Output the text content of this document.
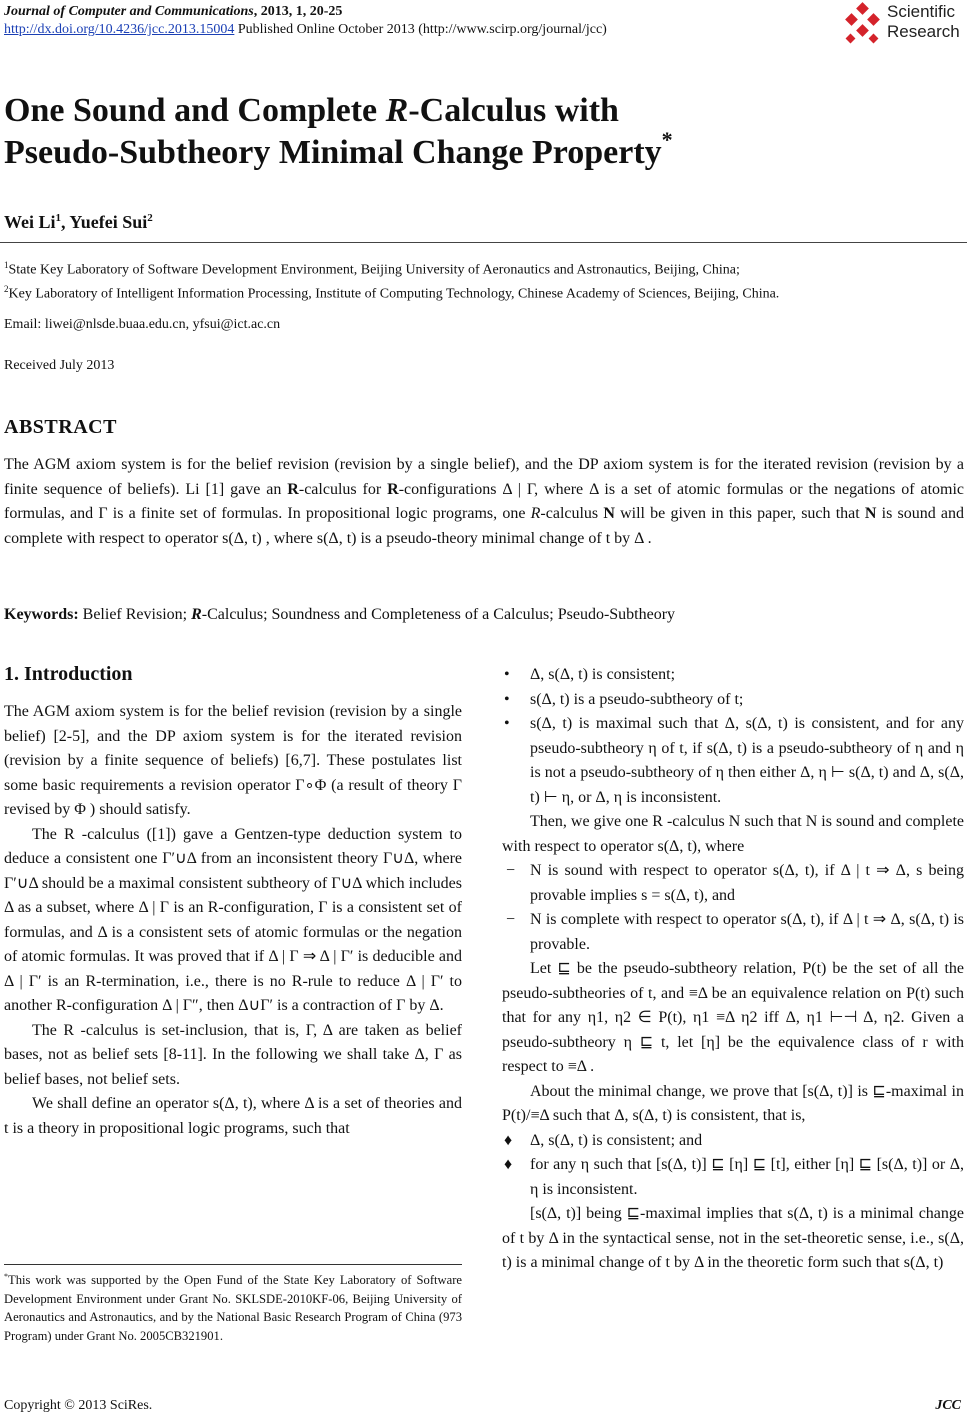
Journal of Computer and Communications, 2013, 1, 20-25
http://dx.doi.org/10.4236/jcc.2013.15004 Published Online October 2013 (http://www.scirp.org/journal/jcc)
Scientific
Research
One Sound and Complete R-Calculus with
Pseudo-Subtheory Minimal Change Property*
Wei Li$^1$, Yuefei Sui$^2$
$^1$State Key Laboratory of Software Development Environment, Beijing University of Aeronautics and Astronautics, Beijing, China;
$^2$Key Laboratory of Intelligent Information Processing, Institute of Computing Technology, Chinese Academy of Sciences, Beijing, China.
Email: liwei@nlsde.buaa.edu.cn, yfsui@ict.ac.cn
Received July 2013
ABSTRACT
The AGM axiom system is for the belief revision (revision by a single belief), and the DP axiom system is for the iterated revision (revision by a finite sequence of beliefs). Li [1] gave an R-calculus for R-configurations Δ | Γ, where Δ is a set of atomic formulas or the negations of atomic formulas, and Γ is a finite set of formulas. In propositional logic programs, one R-calculus N will be given in this paper, such that N is sound and complete with respect to operator s(Δ, t) , where s(Δ, t) is a pseudo-theory minimal change of t by Δ .
Keywords: Belief Revision; R-Calculus; Soundness and Completeness of a Calculus; Pseudo-Subtheory
1. Introduction

The AGM axiom system is for the belief revision (revision by a single belief) [2-5], and the DP axiom system is for the iterated revision (revision by a finite sequence of beliefs) [6,7]. These postulates list some basic requirements a revision operator Γ∘Φ (a result of theory Γ revised by Φ ) should satisfy.

The R -calculus ([1]) gave a Gentzen-type deduction system to deduce a consistent one Γ′∪Δ from an inconsistent theory Γ∪Δ, where Γ′∪Δ should be a maximal consistent subtheory of Γ∪Δ which includes Δ as a subset, where Δ | Γ is an R-configuration, Γ is a consistent set of formulas, and Δ is a consistent sets of atomic formulas or the negation of atomic formulas. It was proved that if Δ | Γ ⇒ Δ | Γ′ is deducible and Δ | Γ′ is an R-termination, i.e., there is no R-rule to reduce Δ | Γ′ to another R-configuration Δ | Γ″, then Δ∪Γ′ is a contraction of Γ by Δ.

The R -calculus is set-inclusion, that is, Γ, Δ are taken as belief bases, not as belief sets [8-11]. In the following we shall take Δ, Γ as belief bases, not belief sets.

We shall define an operator s(Δ, t), where Δ is a set of theories and t is a theory in propositional logic programs, such that

• Δ, s(Δ, t) is consistent;
• s(Δ, t) is a pseudo-subtheory of t;
• s(Δ, t) is maximal such that Δ, s(Δ, t) is consistent, and for any pseudo-subtheory η of t, if s(Δ, t) is a pseudo-subtheory of η and η is not a pseudo-subtheory of η then either Δ, η ⊢ s(Δ, t) and Δ, s(Δ, t) ⊢ η, or Δ, η is inconsistent.

Then, we give one R -calculus N such that N is sound and complete with respect to operator s(Δ, t), where

− N is sound with respect to operator s(Δ, t), if Δ | t ⇒ Δ, s being provable implies s = s(Δ, t), and
− N is complete with respect to operator s(Δ, t), if Δ | t ⇒ Δ, s(Δ, t) is provable.

Let ⊑ be the pseudo-subtheory relation, P(t) be the set of all the pseudo-subtheories of t, and ≡Δ be an equivalence relation on P(t) such that for any η1, η2 ∈ P(t), η1 ≡Δ η2 iff Δ, η1 ⊢⊣ Δ, η2. Given a pseudo-subtheory η ⊑ t, let [η] be the equivalence class of r with respect to ≡Δ .

About the minimal change, we prove that [s(Δ, t)] is ⊑-maximal in P(t)/≡Δ such that Δ, s(Δ, t) is consistent, that is,

♦ Δ, s(Δ, t) is consistent; and
♦ for any η such that [s(Δ, t)] ⊑ [η] ⊑ [t], either [η] ⊑ [s(Δ, t)] or Δ, η is inconsistent.

[s(Δ, t)] being ⊑-maximal implies that s(Δ, t) is a minimal change of t by Δ in the syntactical sense, not in the set-theoretic sense, i.e., s(Δ, t) is a minimal change of t by Δ in the theoretic form such that s(Δ, t)

*This work was supported by the Open Fund of the State Key Laboratory of Software Development Environment under Grant No. SKLSDE-2010KF-06, Beijing University of Aeronautics and Astronautics, and by the National Basic Research Program of China (973 Program) under Grant No. 2005CB321901.
Copyright © 2013 SciRes.	JCC
